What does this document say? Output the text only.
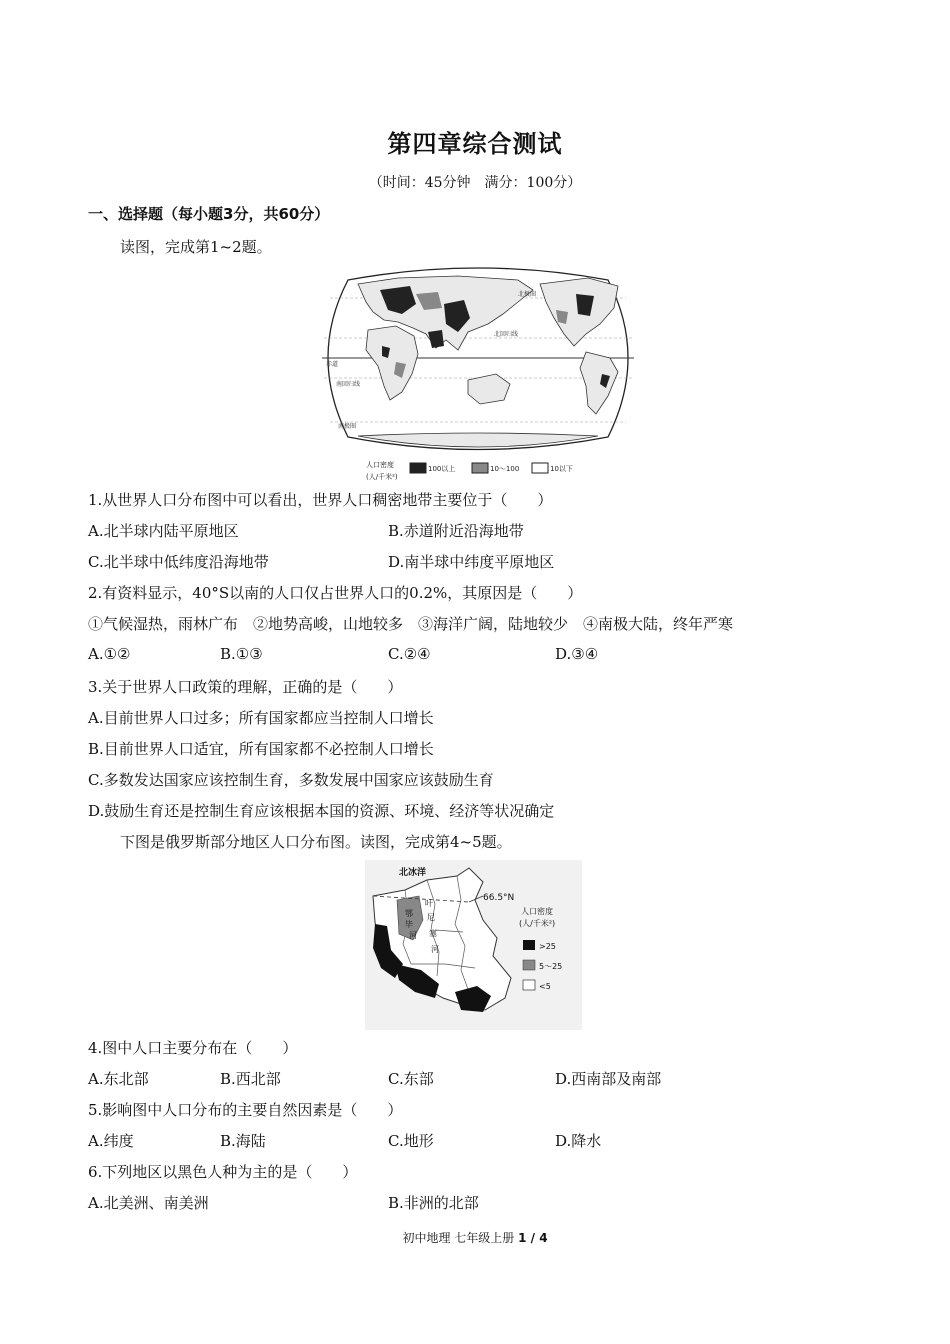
第四章综合测试
（时间：45分钟　满分：100分）
一、选择题（每小题3分，共60分）
读图，完成第1~2题。
北极圈
北回归线
赤道
南回归线
南极圈
人口密度
(人/千米²)
100以上	10～100	10以下
1.从世界人口分布图中可以看出，世界人口稠密地带主要位于（　　）
A.北半球内陆平原地区	B.赤道附近沿海地带
C.北半球中低纬度沿海地带	D.南半球中纬度平原地区
2.有资料显示，40°S以南的人口仅占世界人口的0.2%，其原因是（　　）
①气候湿热，雨林广布　②地势高峻，山地较多　③海洋广阔，陆地较少　④南极大陆，终年严寒
A.①②	B.①③	C.②④	D.③④
3.关于世界人口政策的理解，正确的是（　　）
A.目前世界人口过多；所有国家都应当控制人口增长
B.目前世界人口适宜，所有国家都不必控制人口增长
C.多数发达国家应该控制生育，多数发展中国家应该鼓励生育
D.鼓励生育还是控制生育应该根据本国的资源、环境、经济等状况确定
下图是俄罗斯部分地区人口分布图。读图，完成第4~5题。
北冰洋
66.5°N
鄂
毕
河
叶
尼
塞
河
人口密度
(人/千米²)
>25
5～25
<5
4.图中人口主要分布在（　　）
A.东北部	B.西北部	C.东部	D.西南部及南部
5.影响图中人口分布的主要自然因素是（　　）
A.纬度	B.海陆	C.地形	D.降水
6.下列地区以黑色人种为主的是（　　）
A.北美洲、南美洲	B.非洲的北部
初中地理 七年级上册 1 / 4
